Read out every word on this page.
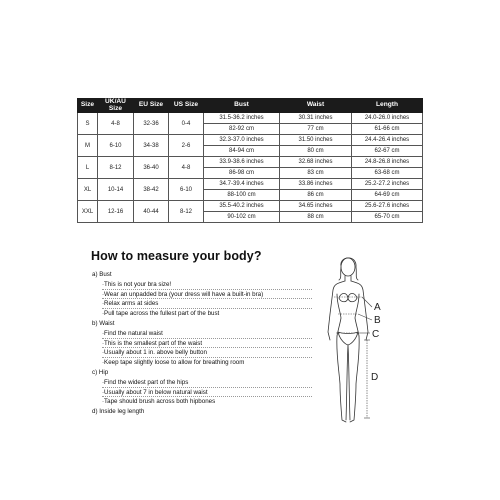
Size	UK/AU Size	EU Size	US Size	Bust	Waist	Length
S	4-8	32-36	0-4	31.5-36.2 inches	30.31 inches	24.0-26.0 inches
				82-92 cm	77 cm	61-66 cm
M	6-10	34-38	2-6	32.3-37.0 inches	31.50 inches	24.4-26.4 inches
				84-94 cm	80 cm	62-67 cm
L	8-12	36-40	4-8	33.9-38.6 inches	32.68 inches	24.8-26.8 inches
				86-98 cm	83 cm	63-68 cm
XL	10-14	38-42	6-10	34.7-39.4 inches	33.86 inches	25.2-27.2 inches
				88-100 cm	86 cm	64-69 cm
XXL	12-16	40-44	8-12	35.5-40.2 inches	34.65 inches	25.6-27.6 inches
				90-102 cm	88 cm	65-70 cm
How to measure your body?
a) Bust
·This is not your bra size!
·Wear an unpadded bra (your dress will have a built-in bra)
·Relax arms at sides
·Pull tape across the fullest part of the bust
b) Waist
·Find the natural waist
·This is the smallest part of the waist
·Usually about 1 in. above belly button
·Keep tape slightly loose to allow for breathing room
c) Hip
·Find the widest part of the hips
·Usually about 7 in below natural waist
·Tape should brush across both hipbones
d) Inside leg length
A
B
C
D
